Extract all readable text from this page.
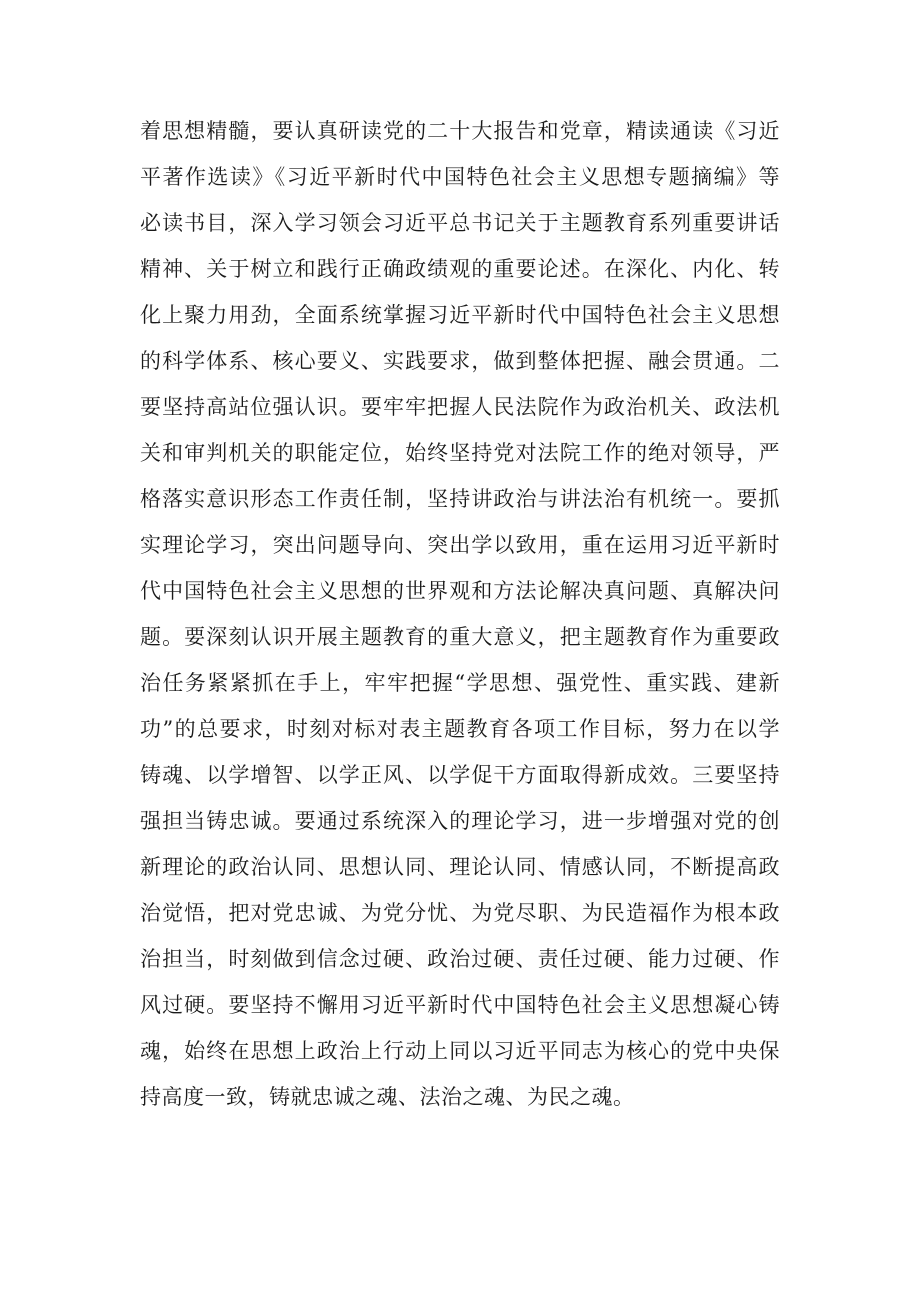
着思想精髓，要认真研读党的二十大报告和党章，精读通读《习近
平著作选读》《习近平新时代中国特色社会主义思想专题摘编》等
必读书目，深入学习领会习近平总书记关于主题教育系列重要讲话
精神、关于树立和践行正确政绩观的重要论述。在深化、内化、转
化上聚力用劲，全面系统掌握习近平新时代中国特色社会主义思想
的科学体系、核心要义、实践要求，做到整体把握、融会贯通。二
要坚持高站位强认识。要牢牢把握人民法院作为政治机关、政法机
关和审判机关的职能定位，始终坚持党对法院工作的绝对领导，严
格落实意识形态工作责任制，坚持讲政治与讲法治有机统一。要抓
实理论学习，突出问题导向、突出学以致用，重在运用习近平新时
代中国特色社会主义思想的世界观和方法论解决真问题、真解决问
题。要深刻认识开展主题教育的重大意义，把主题教育作为重要政
治任务紧紧抓在手上，牢牢把握“学思想、强党性、重实践、建新
功”的总要求，时刻对标对表主题教育各项工作目标，努力在以学
铸魂、以学增智、以学正风、以学促干方面取得新成效。三要坚持
强担当铸忠诚。要通过系统深入的理论学习，进一步增强对党的创
新理论的政治认同、思想认同、理论认同、情感认同，不断提高政
治觉悟，把对党忠诚、为党分忧、为党尽职、为民造福作为根本政
治担当，时刻做到信念过硬、政治过硬、责任过硬、能力过硬、作
风过硬。要坚持不懈用习近平新时代中国特色社会主义思想凝心铸
魂，始终在思想上政治上行动上同以习近平同志为核心的党中央保
持高度一致，铸就忠诚之魂、法治之魂、为民之魂。
